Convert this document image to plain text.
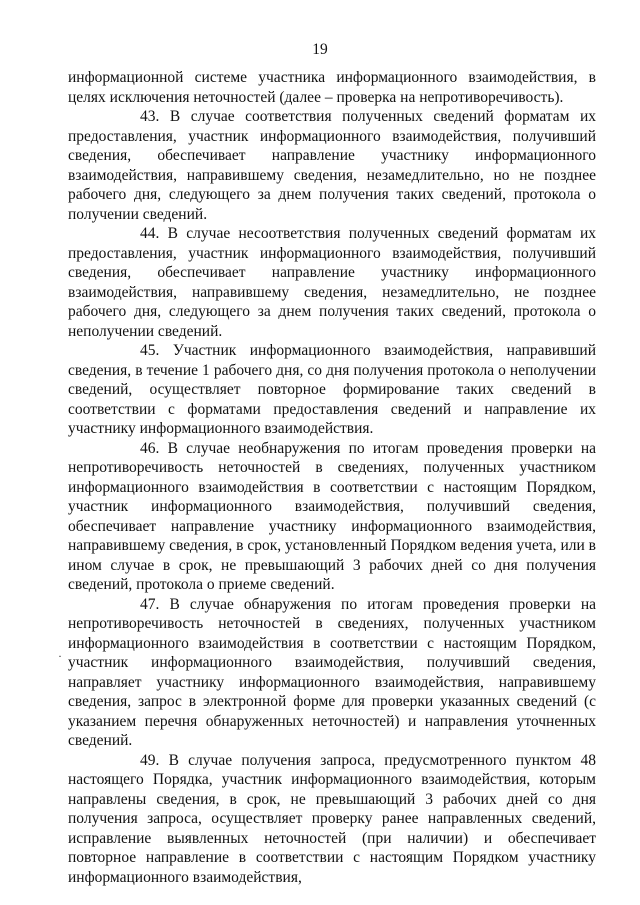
19

информационной системе участника информационного взаимодействия, в целях исключения неточностей (далее – проверка на непротиворечивость).

43. В случае соответствия полученных сведений форматам их предоставления, участник информационного взаимодействия, получивший сведения, обеспечивает направление участнику информационного взаимодействия, направившему сведения, незамедлительно, но не позднее рабочего дня, следующего за днем получения таких сведений, протокола о получении сведений.

44. В случае несоответствия полученных сведений форматам их предоставления, участник информационного взаимодействия, получивший сведения, обеспечивает направление участнику информационного взаимодействия, направившему сведения, незамедлительно, не позднее рабочего дня, следующего за днем получения таких сведений, протокола о неполучении сведений.

45. Участник информационного взаимодействия, направивший сведения, в течение 1 рабочего дня, со дня получения протокола о неполучении сведений, осуществляет повторное формирование таких сведений в соответствии с форматами предоставления сведений и направление их участнику информационного взаимодействия.

46. В случае необнаружения по итогам проведения проверки на непротиворечивость неточностей в сведениях, полученных участником информационного взаимодействия в соответствии с настоящим Порядком, участник информационного взаимодействия, получивший сведения, обеспечивает направление участнику информационного взаимодействия, направившему сведения, в срок, установленный Порядком ведения учета, или в ином случае в срок, не превышающий 3 рабочих дней со дня получения сведений, протокола о приеме сведений.

47. В случае обнаружения по итогам проведения проверки на непротиворечивость неточностей в сведениях, полученных участником информационного взаимодействия в соответствии с настоящим Порядком, участник информационного взаимодействия, получивший сведения, направляет участнику информационного взаимодействия, направившему сведения, запрос в электронной форме для проверки указанных сведений (с указанием перечня обнаруженных неточностей) и направления уточненных сведений.

49. В случае получения запроса, предусмотренного пунктом 48 настоящего Порядка, участник информационного взаимодействия, которым направлены сведения, в срок, не превышающий 3 рабочих дней со дня получения запроса, осуществляет проверку ранее направленных сведений, исправление выявленных неточностей (при наличии) и обеспечивает повторное направление в соответствии с настоящим Порядком участнику информационного взаимодействия,

·
